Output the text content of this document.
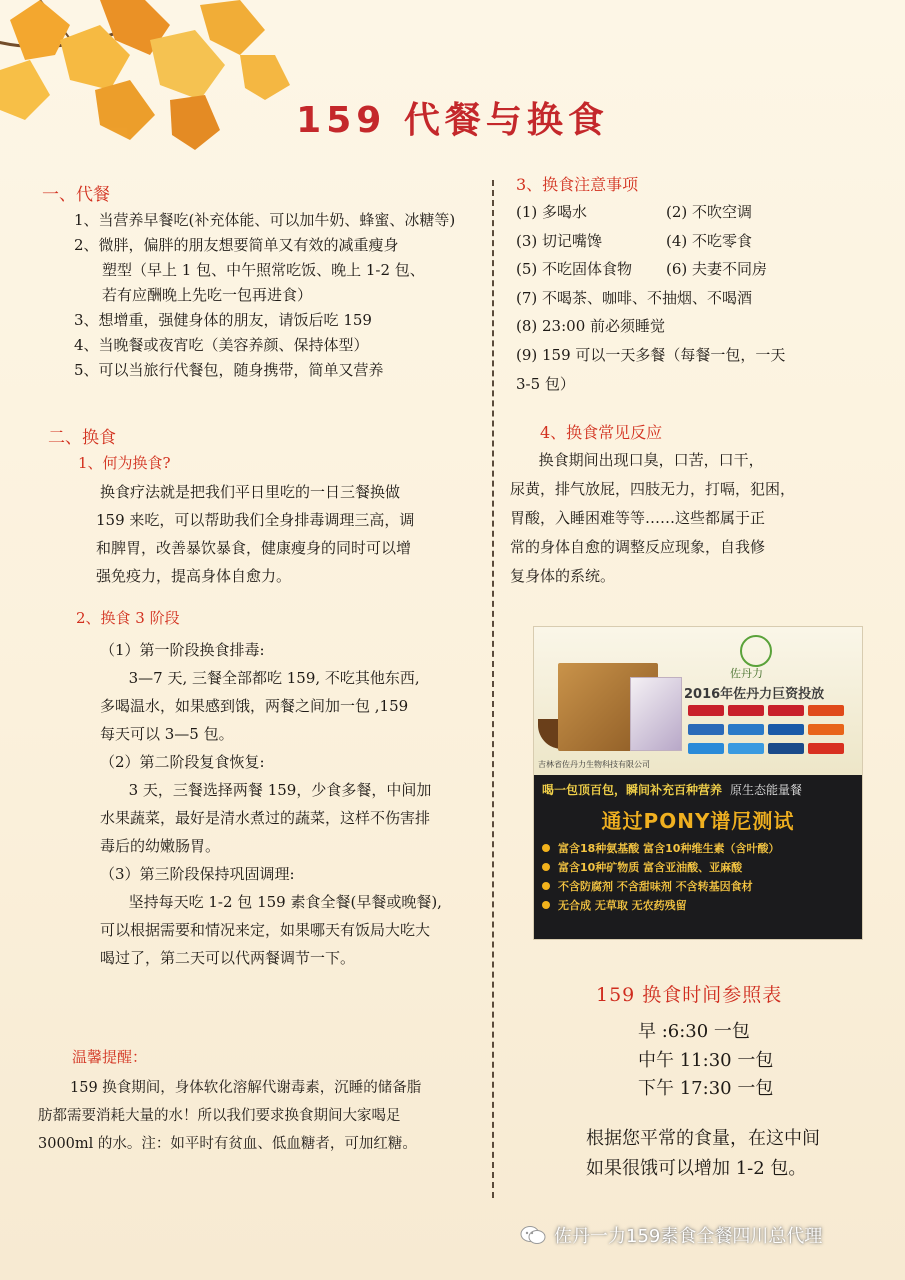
159 代餐与换食
一、代餐
1、当营养早餐吃(补充体能、可以加牛奶、蜂蜜、冰糖等)
2、微胖，偏胖的朋友想要简单又有效的减重瘦身
塑型（早上 1 包、中午照常吃饭、晚上 1-2 包、
若有应酬晚上先吃一包再进食）
3、想增重，强健身体的朋友，请饭后吃 159
4、当晚餐或夜宵吃（美容养颜、保持体型）
5、可以当旅行代餐包，随身携带，简单又营养
二、换食
1、何为换食?
换食疗法就是把我们平日里吃的一日三餐换做
159 来吃，可以帮助我们全身排毒调理三高，调
和脾胃，改善暴饮暴食，健康瘦身的同时可以增
强免疫力，提高身体自愈力。
2、换食 3 阶段
（1）第一阶段换食排毒:
3—7 天, 三餐全部都吃 159, 不吃其他东西,
多喝温水，如果感到饿，两餐之间加一包 ,159
每天可以 3—5 包。
（2）第二阶段复食恢复:
3 天，三餐选择两餐 159，少食多餐，中间加
水果蔬菜，最好是清水煮过的蔬菜，这样不伤害排
毒后的幼嫩肠胃。
（3）第三阶段保持巩固调理:
坚持每天吃 1-2 包 159 素食全餐(早餐或晚餐),
可以根据需要和情况来定，如果哪天有饭局大吃大
喝过了，第二天可以代两餐调节一下。
温馨提醒：
159 换食期间，身体软化溶解代谢毒素，沉睡的储备脂
肪都需要消耗大量的水！所以我们要求换食期间大家喝足
3000ml 的水。注：如平时有贫血、低血糖者，可加红糖。
3、换食注意事项
(1) 多喝水	(2) 不吹空调
(3) 切记嘴馋	(4) 不吃零食
(5) 不吃固体食物 (6) 夫妻不同房
(7) 不喝茶、咖啡、不抽烟、不喝酒
(8) 23:00 前必须睡觉
(9) 159 可以一天多餐（每餐一包，一天
3-5 包）
4、换食常见反应
换食期间出现口臭，口苦，口干，
尿黄，排气放屁，四肢无力，打嗝，犯困，
胃酸，入睡困难等等……这些都属于正
常的身体自愈的调整反应现象，自我修
复身体的系统。
佐丹力
2016年佐丹力巨资投放

吉林省佐丹力生物科技有限公司
喝一包顶百包，瞬间补充百种营养 原生态能量餐
通过PONY谱尼测试
富含18种氨基酸 富含10种维生素（含叶酸）
富含10种矿物质 富含亚油酸、亚麻酸
不含防腐剂 不含甜味剂 不含转基因食材
无合成 无草取 无农药残留
159 换食时间参照表
早 :6:30 一包
中午 11:30 一包
下午 17:30 一包
根据您平常的食量，在这中间
如果很饿可以增加 1-2 包。
佐丹一力159素食全餐四川总代理
